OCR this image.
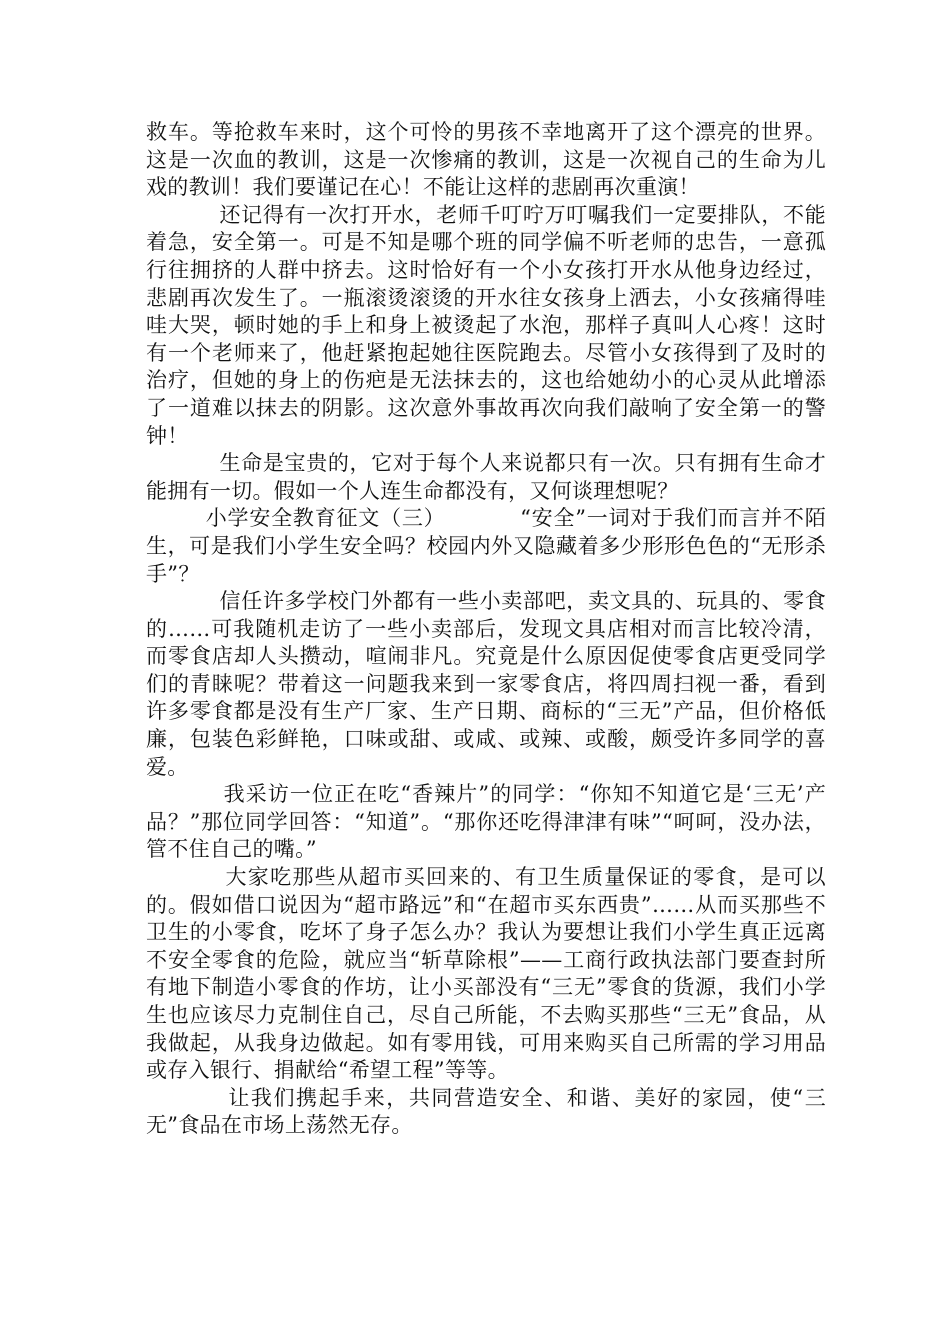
救车。等抢救车来时，这个可怜的男孩不幸地离开了这个漂亮的世界。这是一次血的教训，这是一次惨痛的教训，这是一次视自己的生命为儿戏的教训！我们要谨记在心！不能让这样的悲剧再次重演！

还记得有一次打开水，老师千叮咛万叮嘱我们一定要排队，不能着急，安全第一。可是不知是哪个班的同学偏不听老师的忠告，一意孤行往拥挤的人群中挤去。这时恰好有一个小女孩打开水从他身边经过，悲剧再次发生了。一瓶滚烫滚烫的开水往女孩身上洒去，小女孩痛得哇哇大哭，顿时她的手上和身上被烫起了水泡，那样子真叫人心疼！这时有一个老师来了，他赶紧抱起她往医院跑去。尽管小女孩得到了及时的治疗，但她的身上的伤疤是无法抹去的，这也给她幼小的心灵从此增添了一道难以抹去的阴影。这次意外事故再次向我们敲响了安全第一的警钟！

生命是宝贵的，它对于每个人来说都只有一次。只有拥有生命才能拥有一切。假如一个人连生命都没有，又何谈理想呢？

小学安全教育征文（三）          “安全”一词对于我们而言并不陌生，可是我们小学生安全吗？校园内外又隐藏着多少形形色色的“无形杀手”？

信任许多学校门外都有一些小卖部吧，卖文具的、玩具的、零食的……可我随机走访了一些小卖部后，发现文具店相对而言比较冷清，而零食店却人头攒动，喧闹非凡。究竟是什么原因促使零食店更受同学们的青睐呢？带着这一问题我来到一家零食店，将四周扫视一番，看到许多零食都是没有生产厂家、生产日期、商标的“三无”产品，但价格低廉，包装色彩鲜艳，口味或甜、或咸、或辣、或酸，颇受许多同学的喜爱。

我采访一位正在吃“香辣片”的同学：“你知不知道它是‘三无’产品？”那位同学回答：“知道”。“那你还吃得津津有味”“呵呵，没办法，管不住自己的嘴。”

大家吃那些从超市买回来的、有卫生质量保证的零食，是可以的。假如借口说因为“超市路远”和“在超市买东西贵”……从而买那些不卫生的小零食，吃坏了身子怎么办？我认为要想让我们小学生真正远离不安全零食的危险，就应当“斩草除根”——工商行政执法部门要查封所有地下制造小零食的作坊，让小买部没有“三无”零食的货源，我们小学生也应该尽力克制住自己，尽自己所能，不去购买那些“三无”食品，从我做起，从我身边做起。如有零用钱，可用来购买自己所需的学习用品或存入银行、捐献给“希望工程”等等。

让我们携起手来，共同营造安全、和谐、美好的家园，使“三无”食品在市场上荡然无存。
